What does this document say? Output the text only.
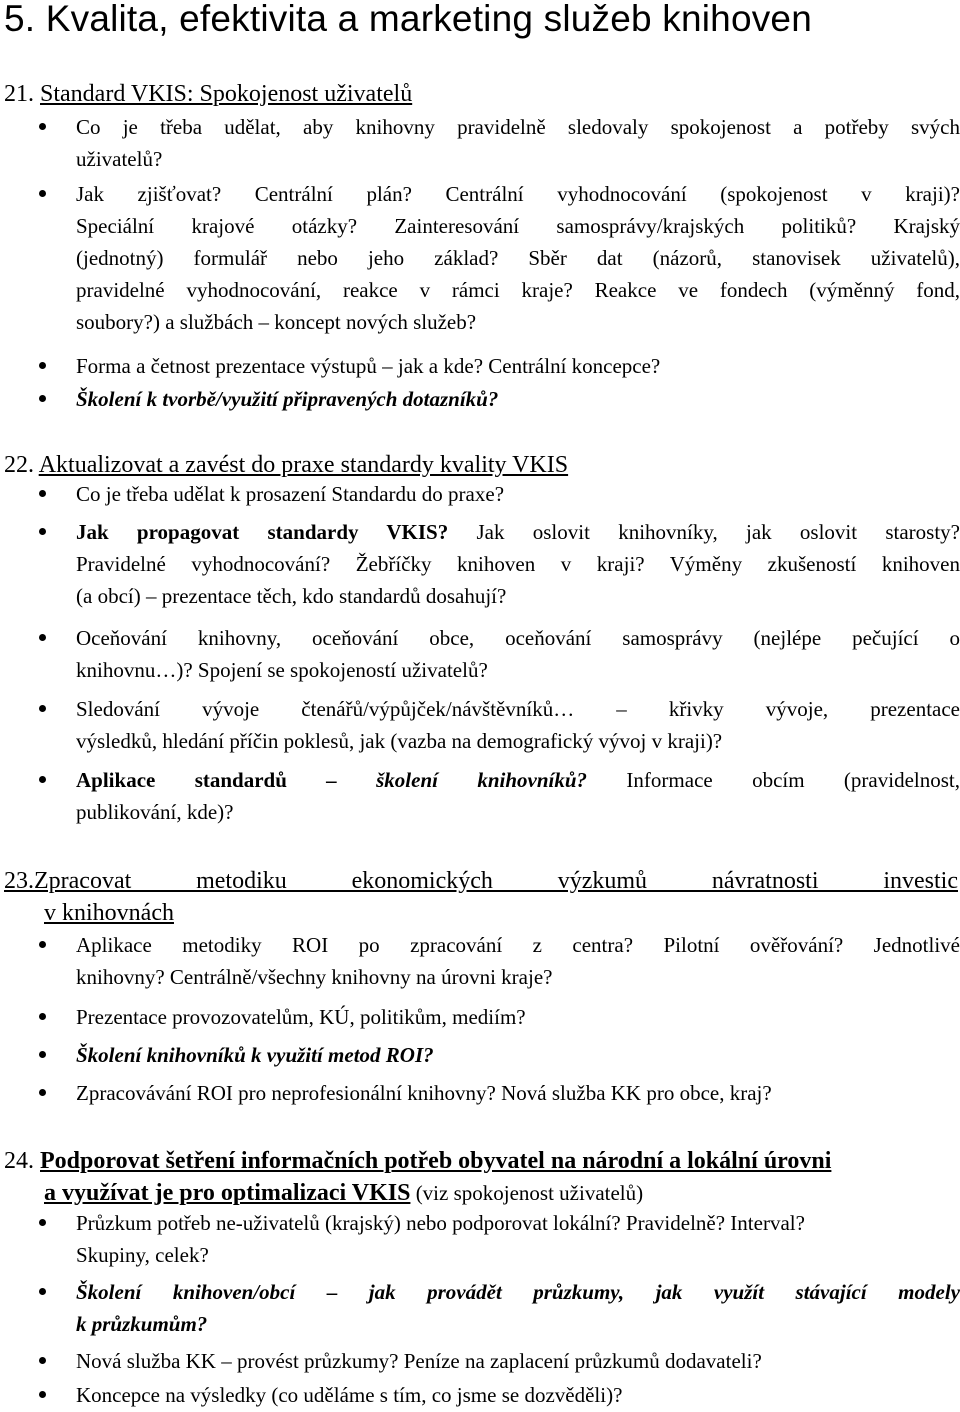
5. Kvalita, efektivita a marketing služeb knihoven
21. Standard VKIS: Spokojenost uživatelů
Co je třeba udělat, aby knihovny pravidelně sledovaly spokojenost a potřeby svých
uživatelů?
Jak zjišťovat? Centrální plán? Centrální vyhodnocování (spokojenost v kraji)?
Speciální krajové otázky? Zainteresování samosprávy/krajských politiků? Krajský
(jednotný) formulář nebo jeho základ? Sběr dat (názorů, stanovisek uživatelů),
pravidelné vyhodnocování, reakce v rámci kraje? Reakce ve fondech (výměnný fond,
soubory?) a službách – koncept nových služeb?
Forma a četnost prezentace výstupů – jak a kde? Centrální koncepce?
Školení k tvorbě/využití připravených dotazníků?
22. Aktualizovat a zavést do praxe standardy kvality VKIS
Co je třeba udělat k prosazení Standardu do praxe?
Jak propagovat standardy VKIS? Jak oslovit knihovníky, jak oslovit starosty?
Pravidelné vyhodnocování? Žebříčky knihoven v kraji? Výměny zkušeností knihoven
(a obcí) – prezentace těch, kdo standardů dosahují?
Oceňování knihovny, oceňování obce, oceňování samosprávy (nejlépe pečující o
knihovnu…)? Spojení se spokojeností uživatelů?
Sledování vývoje čtenářů/výpůjček/návštěvníků… – křivky vývoje, prezentace
výsledků, hledání příčin poklesů, jak (vazba na demografický vývoj v kraji)?
Aplikace standardů – školení knihovníků? Informace obcím (pravidelnost,
publikování, kde)?
23.Zpracovat metodiku ekonomických výzkumů návratnosti investic
v knihovnách
Aplikace metodiky ROI po zpracování z centra? Pilotní ověřování? Jednotlivé
knihovny? Centrálně/všechny knihovny na úrovni kraje?
Prezentace provozovatelům, KÚ, politikům, mediím?
Školení knihovníků k využití metod ROI?
Zpracovávání ROI pro neprofesionální knihovny? Nová služba KK pro obce, kraj?
24. Podporovat šetření informačních potřeb obyvatel na národní a lokální úrovni
a využívat je pro optimalizaci VKIS (viz spokojenost uživatelů)
Průzkum potřeb ne-uživatelů (krajský) nebo podporovat lokální? Pravidelně? Interval?
Skupiny, celek?
Školení knihoven/obcí – jak provádět průzkumy, jak využít stávající modely
k průzkumům?
Nová služba KK – provést průzkumy? Peníze na zaplacení průzkumů dodavateli?
Koncepce na výsledky (co uděláme s tím, co jsme se dozvěděli)?
